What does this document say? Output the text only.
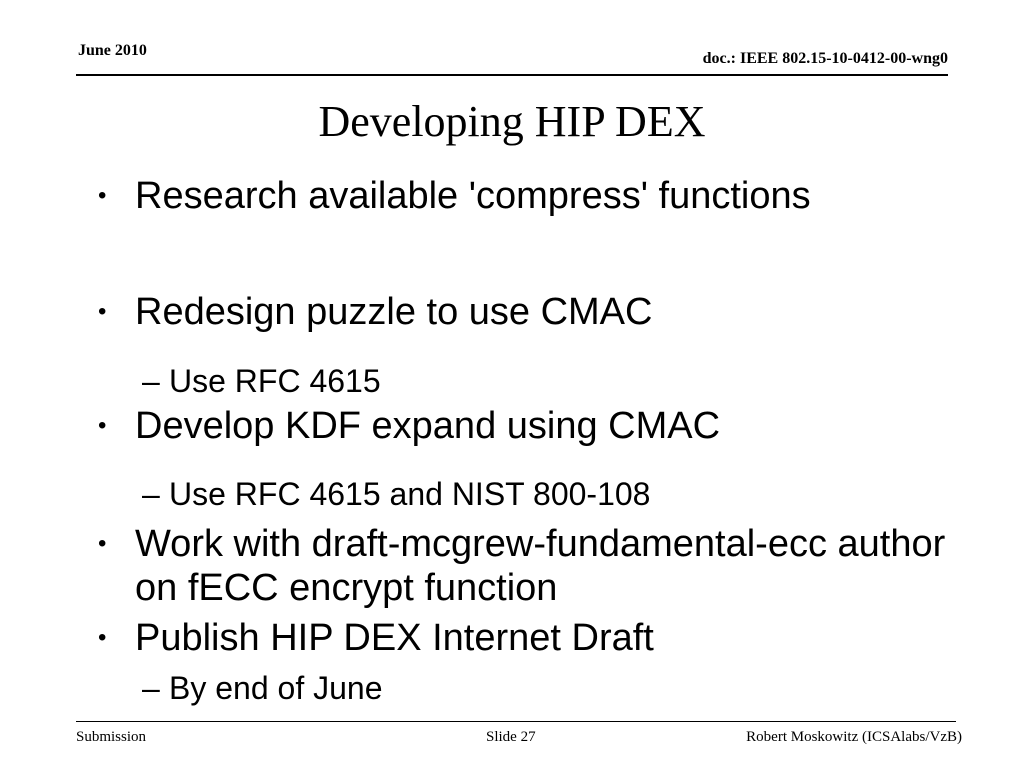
June 2010	doc.: IEEE 802.15-10-0412-00-wng0
Developing HIP DEX
• Research available 'compress' functions
• Redesign puzzle to use CMAC
– Use RFC 4615
• Develop KDF expand using CMAC
– Use RFC 4615 and NIST 800-108
• Work with draft-mcgrew-fundamental-ecc author on fECC encrypt function
• Publish HIP DEX Internet Draft
– By end of June
Submission	Slide 27	Robert Moskowitz (ICSAlabs/VzB)
